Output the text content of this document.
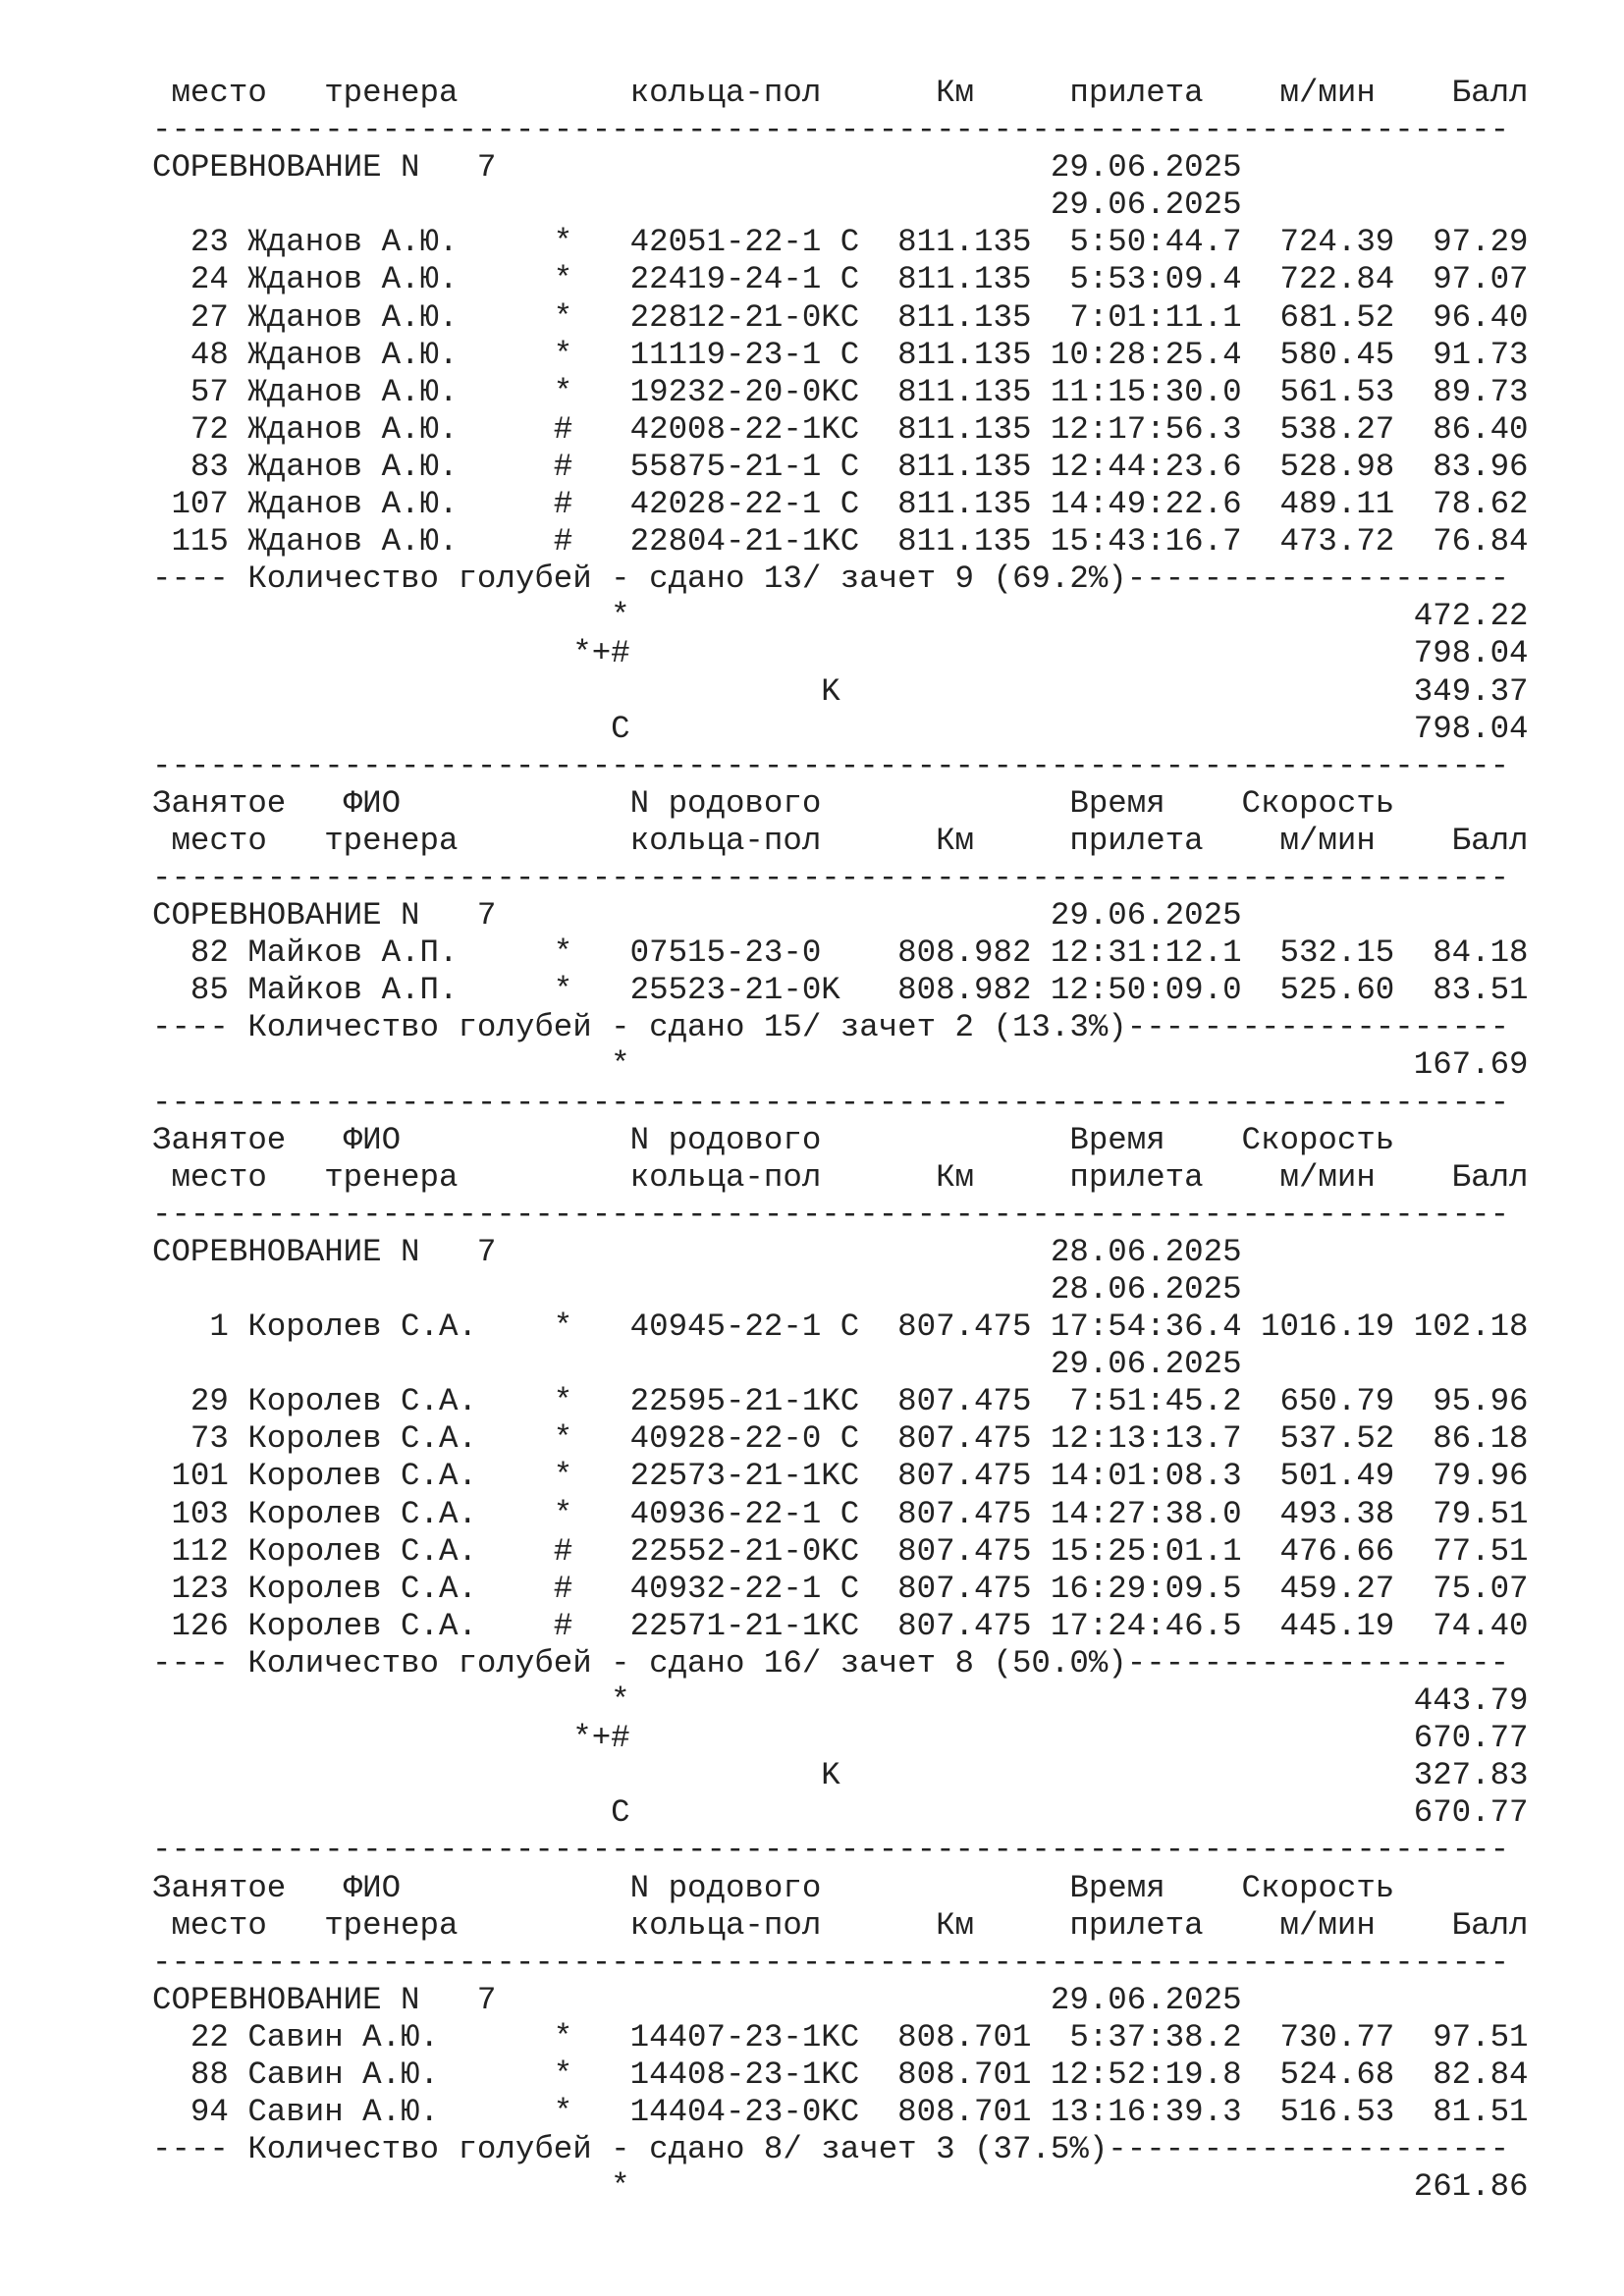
место   тренера         кольца-пол      Км     прилета    м/мин    Балл
-----------------------------------------------------------------------
СОРЕВНОВАНИЕ N   7                             29.06.2025
29.06.2025
23 Жданов А.Ю.     *   42051-22-1 C  811.135  5:50:44.7  724.39  97.29
24 Жданов А.Ю.     *   22419-24-1 C  811.135  5:53:09.4  722.84  97.07
27 Жданов А.Ю.     *   22812-21-0KC  811.135  7:01:11.1  681.52  96.40
48 Жданов А.Ю.     *   11119-23-1 C  811.135 10:28:25.4  580.45  91.73
57 Жданов А.Ю.     *   19232-20-0KC  811.135 11:15:30.0  561.53  89.73
72 Жданов А.Ю.     #   42008-22-1KC  811.135 12:17:56.3  538.27  86.40
83 Жданов А.Ю.     #   55875-21-1 C  811.135 12:44:23.6  528.98  83.96
107 Жданов А.Ю.     #   42028-22-1 C  811.135 14:49:22.6  489.11  78.62
115 Жданов А.Ю.     #   22804-21-1KC  811.135 15:43:16.7  473.72  76.84
---- Количество голубей - сдано 13/ зачет 9 (69.2%)--------------------
*                                         472.22
*+#                                         798.04
K                              349.37
C                                         798.04
-----------------------------------------------------------------------
Занятое   ФИО            N родового             Время    Скорость
место   тренера         кольца-пол      Км     прилета    м/мин    Балл
-----------------------------------------------------------------------
СОРЕВНОВАНИЕ N   7                             29.06.2025
82 Майков А.П.     *   07515-23-0    808.982 12:31:12.1  532.15  84.18
85 Майков А.П.     *   25523-21-0K   808.982 12:50:09.0  525.60  83.51
---- Количество голубей - сдано 15/ зачет 2 (13.3%)--------------------
*                                         167.69
-----------------------------------------------------------------------
Занятое   ФИО            N родового             Время    Скорость
место   тренера         кольца-пол      Км     прилета    м/мин    Балл
-----------------------------------------------------------------------
СОРЕВНОВАНИЕ N   7                             28.06.2025
28.06.2025
1 Королев С.А.    *   40945-22-1 C  807.475 17:54:36.4 1016.19 102.18
29.06.2025
29 Королев С.А.    *   22595-21-1KC  807.475  7:51:45.2  650.79  95.96
73 Королев С.А.    *   40928-22-0 C  807.475 12:13:13.7  537.52  86.18
101 Королев С.А.    *   22573-21-1KC  807.475 14:01:08.3  501.49  79.96
103 Королев С.А.    *   40936-22-1 C  807.475 14:27:38.0  493.38  79.51
112 Королев С.А.    #   22552-21-0KC  807.475 15:25:01.1  476.66  77.51
123 Королев С.А.    #   40932-22-1 C  807.475 16:29:09.5  459.27  75.07
126 Королев С.А.    #   22571-21-1KC  807.475 17:24:46.5  445.19  74.40
---- Количество голубей - сдано 16/ зачет 8 (50.0%)--------------------
*                                         443.79
*+#                                         670.77
K                              327.83
C                                         670.77
-----------------------------------------------------------------------
Занятое   ФИО            N родового             Время    Скорость
место   тренера         кольца-пол      Км     прилета    м/мин    Балл
-----------------------------------------------------------------------
СОРЕВНОВАНИЕ N   7                             29.06.2025
22 Савин А.Ю.      *   14407-23-1KC  808.701  5:37:38.2  730.77  97.51
88 Савин А.Ю.      *   14408-23-1KC  808.701 12:52:19.8  524.68  82.84
94 Савин А.Ю.      *   14404-23-0KC  808.701 13:16:39.3  516.53  81.51
---- Количество голубей - сдано 8/ зачет 3 (37.5%)---------------------
*                                         261.86
